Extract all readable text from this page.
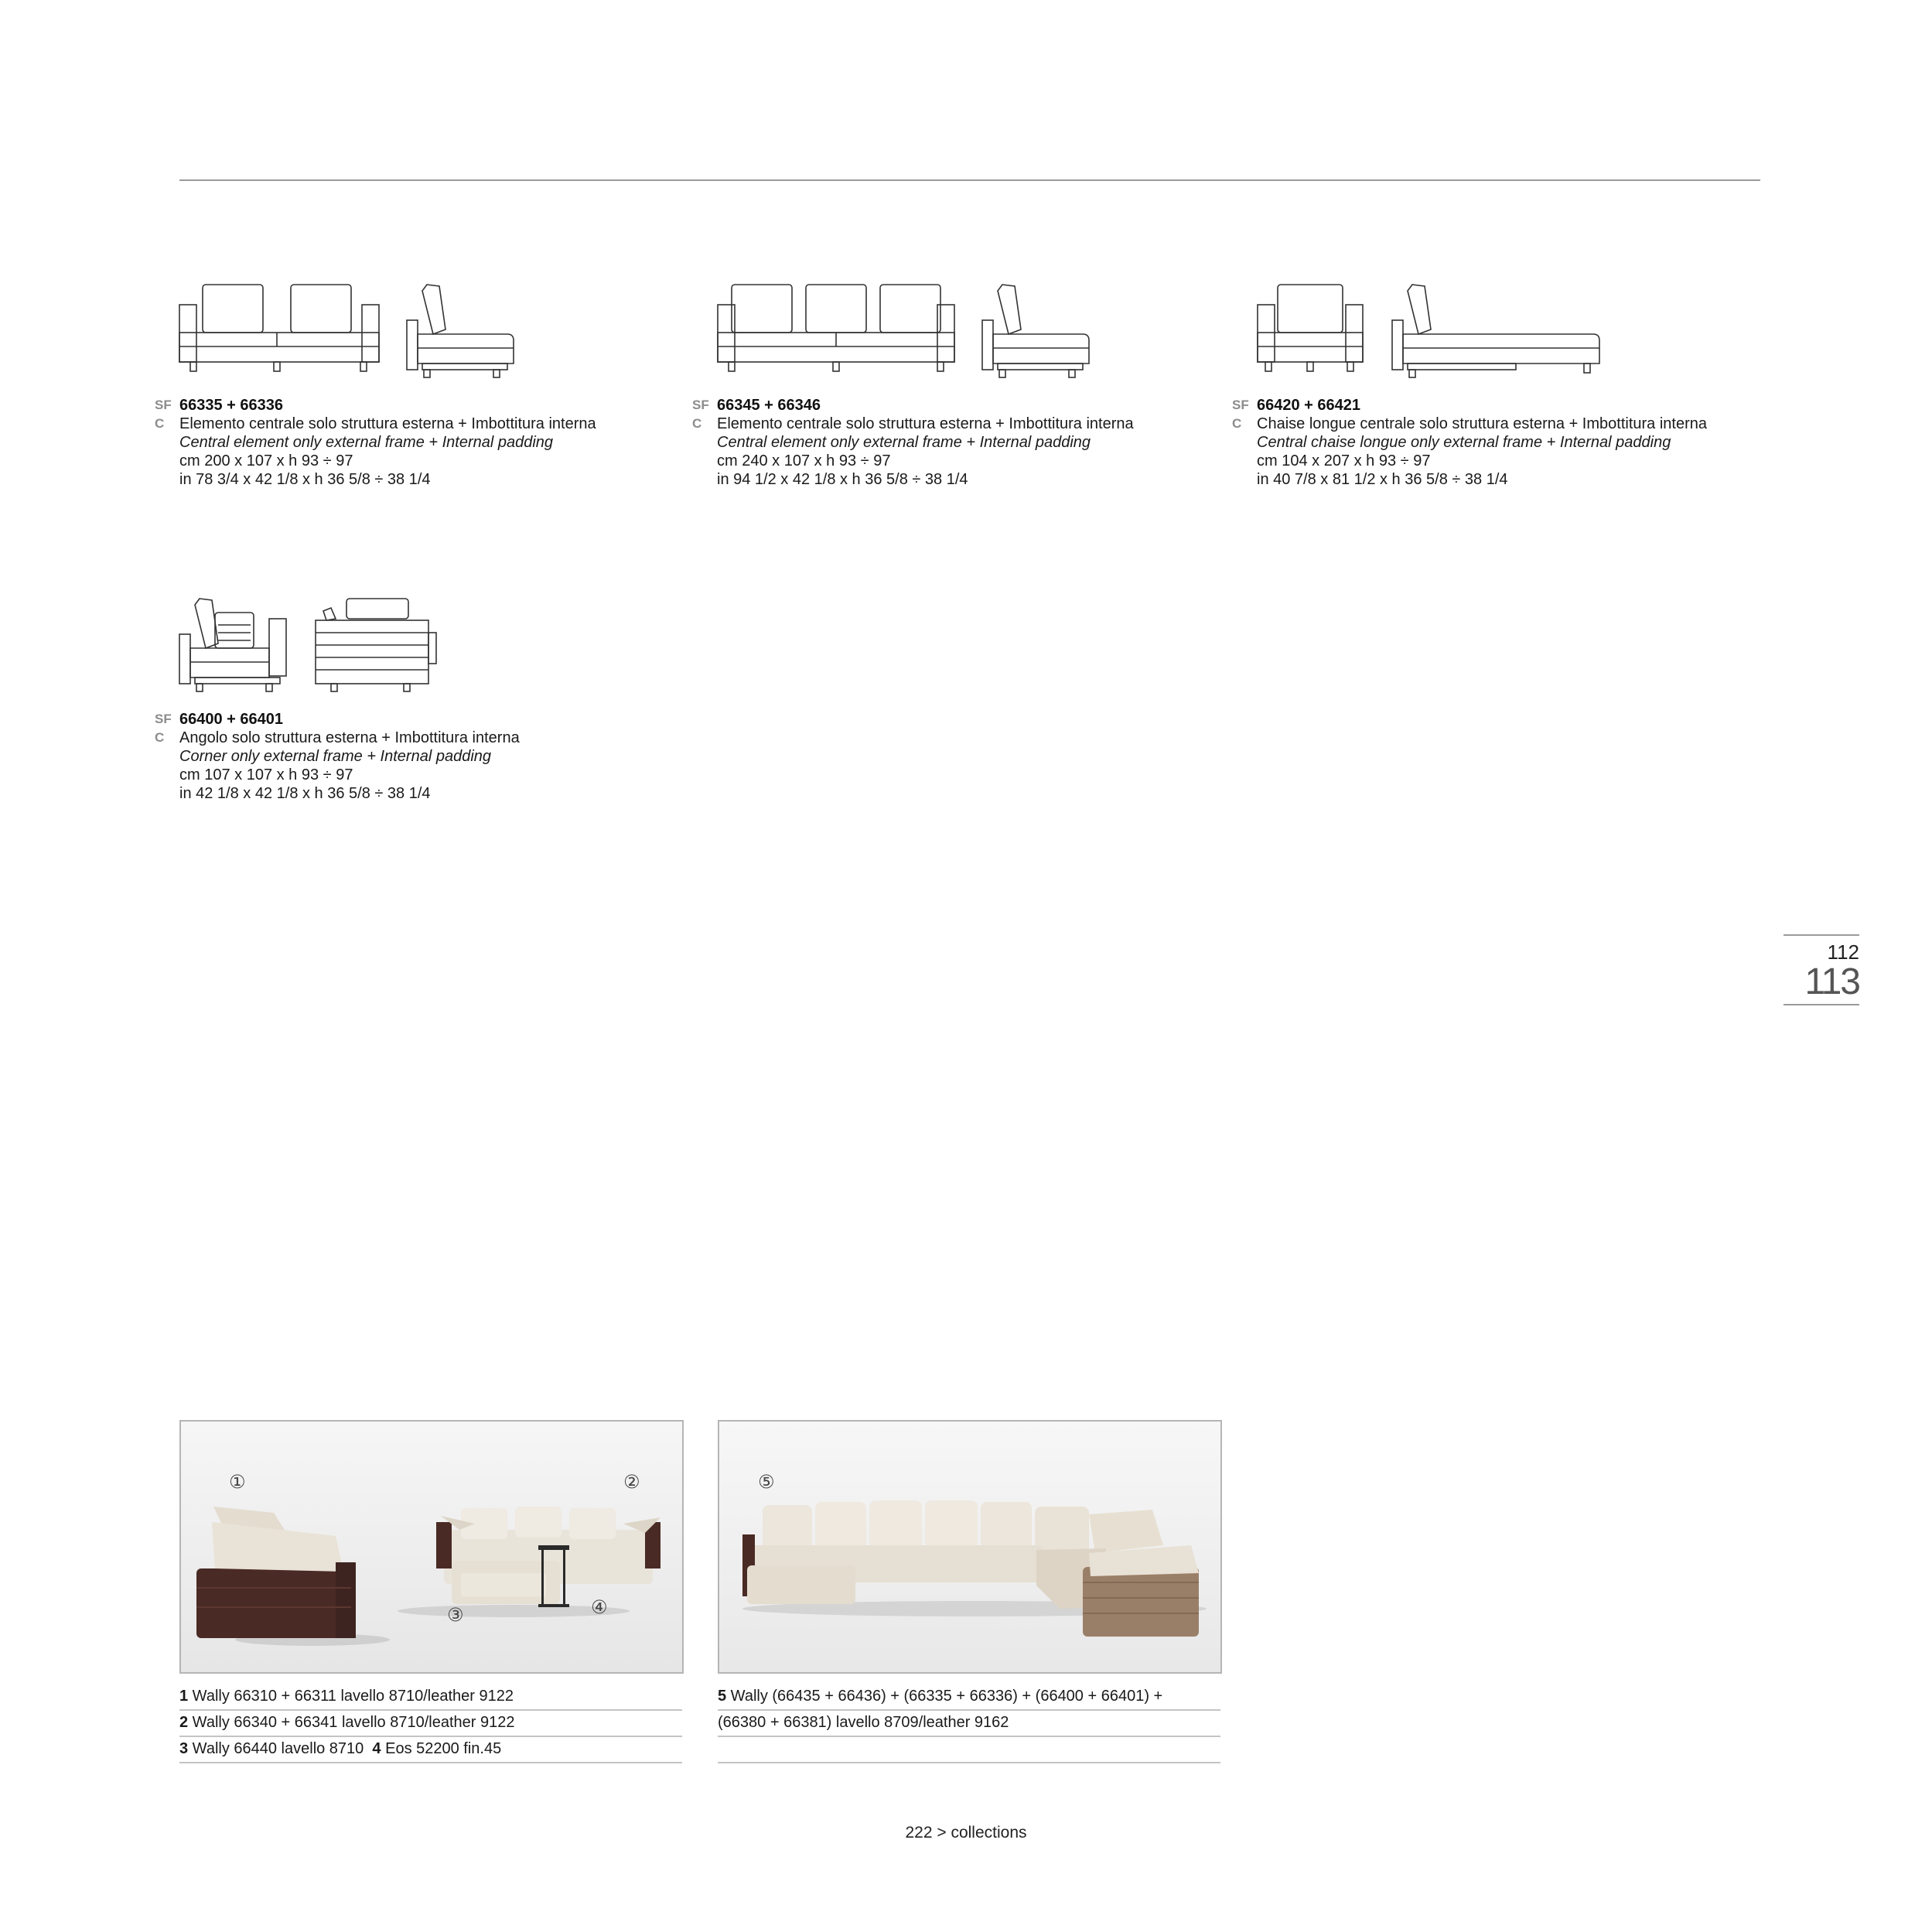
SF 66335 + 66336
C Elemento centrale solo struttura esterna + Imbottitura interna
Central element only external frame + Internal padding
cm 200 x 107 x h 93 ÷ 97
in 78 3/4 x 42 1/8 x h 36 5/8 ÷ 38 1/4
SF 66345 + 66346
C Elemento centrale solo struttura esterna + Imbottitura interna
Central element only external frame + Internal padding
cm 240 x 107 x h 93 ÷ 97
in 94 1/2 x 42 1/8 x h 36 5/8 ÷ 38 1/4
SF 66420 + 66421
C Chaise longue centrale solo struttura esterna + Imbottitura interna
Central chaise longue only external frame + Internal padding
cm 104 x 207 x h 93 ÷ 97
in 40 7/8 x 81 1/2 x h 36 5/8 ÷ 38 1/4
SF 66400 + 66401
C Angolo solo struttura esterna + Imbottitura interna
Corner only external frame + Internal padding
cm 107 x 107 x h 93 ÷ 97
in 42 1/8 x 42 1/8 x h 36 5/8 ÷ 38 1/4
112
113
①	②
③	④
⑤
1 Wally 66310 + 66311 lavello 8710/leather 9122
2 Wally 66340 + 66341 lavello 8710/leather 9122
3 Wally 66440 lavello 8710  4 Eos 52200 fin.45
5 Wally (66435 + 66436) + (66335 + 66336) + (66400 + 66401) +
(66380 + 66381) lavello 8709/leather 9162
222 > collections
